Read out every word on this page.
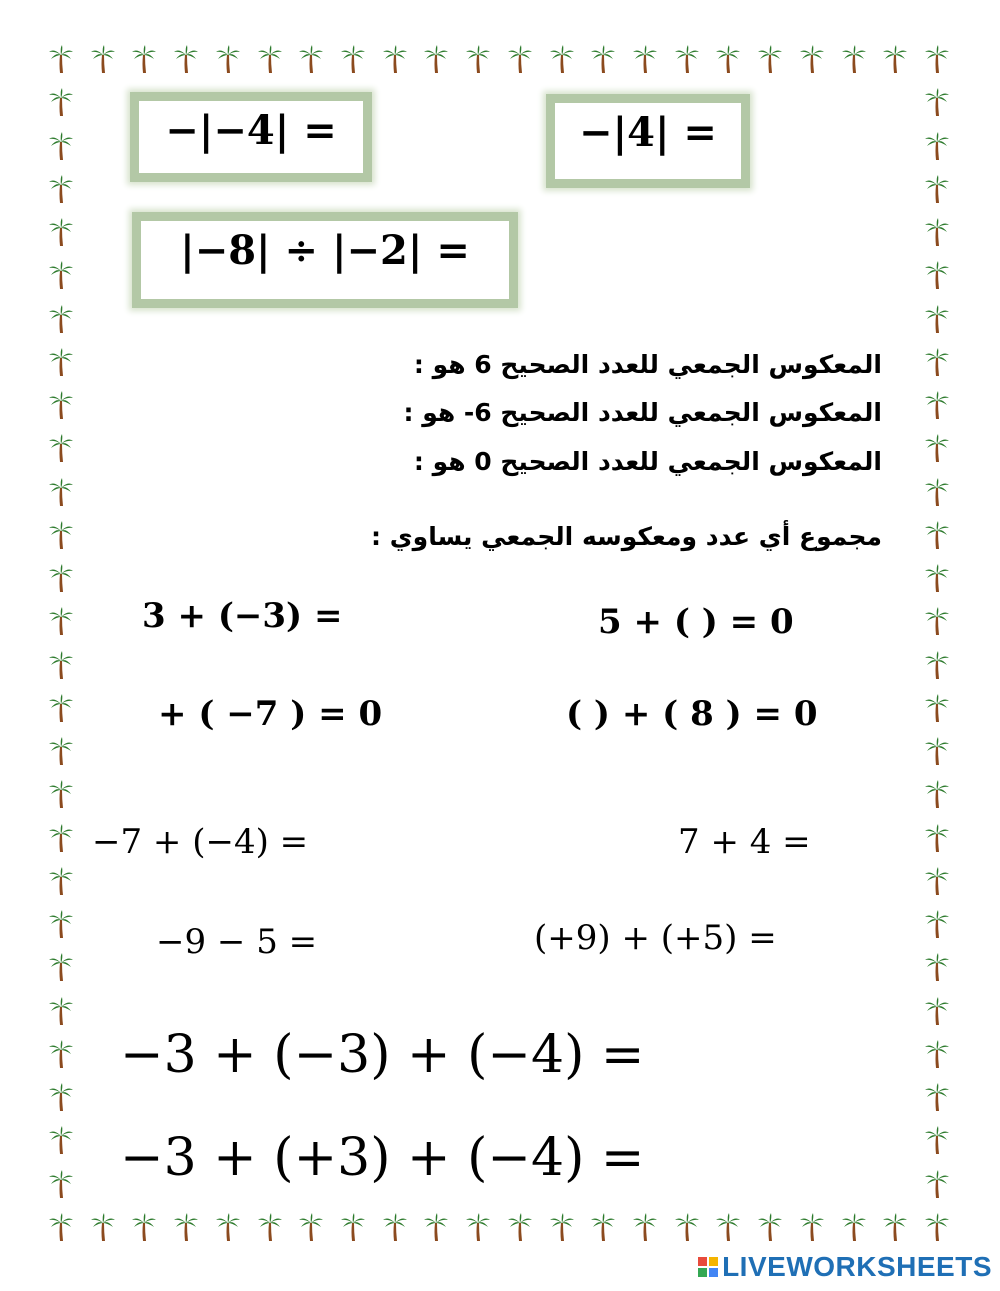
−|−4| =	−|4| =
|−8| ÷ |−2| =
المعكوس الجمعي للعدد الصحيح 6 هو :
المعكوس الجمعي للعدد الصحيح 6- هو :
المعكوس الجمعي للعدد الصحيح 0 هو :
مجموع أي عدد ومعكوسه الجمعي يساوي :
3 + (−3) =	5 + ( ) = 0
+ ( −7 ) = 0	( ) + ( 8 ) = 0
−7 + (−4) =	7 + 4 =
−9 − 5 =	(+9) + (+5) =
−3 + (−3) + (−4) =
−3 + (+3) + (−4) =
LIVEWORKSHEETS
